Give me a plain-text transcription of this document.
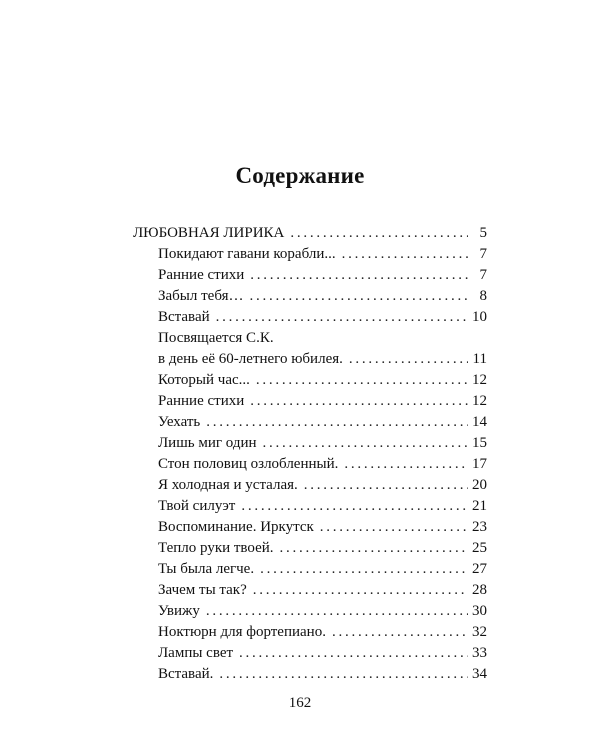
Содержание
ЛЮБОВНАЯ ЛИРИКА . . .	5
Покидают гавани корабли... . . .	7
Ранние стихи . . .	7
Забыл тебя… . . .	8
Вставай . . .	10
Посвящается С.К.
в день её 60-летнего юбилея. . . .	11
Который час... . . .	12
Ранние стихи . . .	12
Уехать . . .	14
Лишь миг один . . .	15
Стон половиц озлобленный. . . .	17
Я холодная и усталая. . . .	20
Твой силуэт . . .	21
Воспоминание. Иркутск . . .	23
Тепло руки твоей. . . .	25
Ты была легче. . . .	27
Зачем ты так? . . .	28
Увижу . . .	30
Ноктюрн для фортепиано. . . .	32
Лампы свет . . .	33
Вставай. . . .	34
162
